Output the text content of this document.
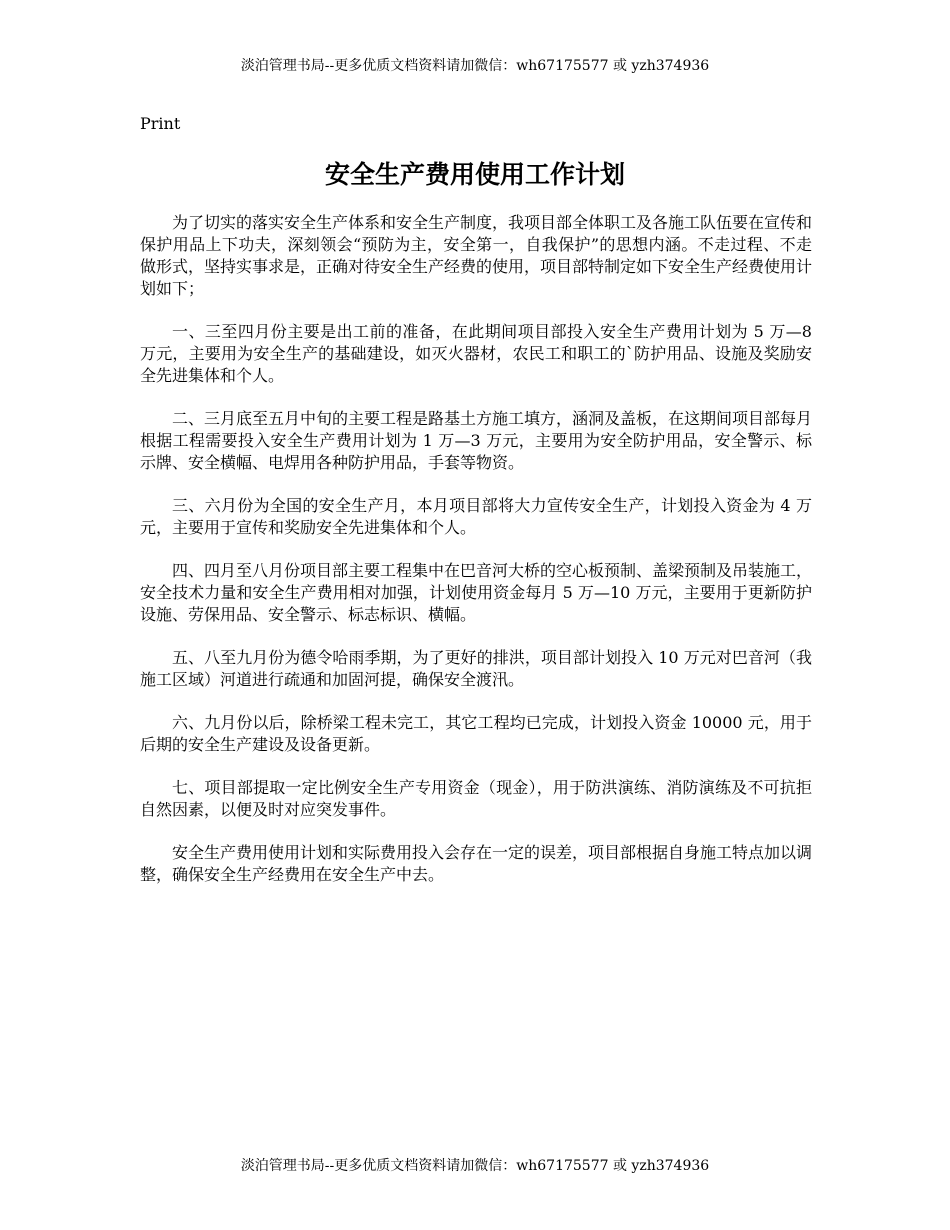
淡泊管理书局--更多优质文档资料请加微信：wh67175577 或 yzh374936
Print
安全生产费用使用工作计划

为了切实的落实安全生产体系和安全生产制度，我项目部全体职工及各施工队伍要在宣传和保护用品上下功夫，深刻领会“预防为主，安全第一，自我保护”的思想内涵。不走过程、不走做形式，坚持实事求是，正确对待安全生产经费的使用，项目部特制定如下安全生产经费使用计划如下；

一、三至四月份主要是出工前的准备，在此期间项目部投入安全生产费用计划为 5 万—8 万元，主要用为安全生产的基础建设，如灭火器材，农民工和职工的`防护用品、设施及奖励安全先进集体和个人。

二、三月底至五月中旬的主要工程是路基土方施工填方，涵洞及盖板，在这期间项目部每月根据工程需要投入安全生产费用计划为 1 万—3 万元，主要用为安全防护用品，安全警示、标示牌、安全横幅、电焊用各种防护用品，手套等物资。

三、六月份为全国的安全生产月，本月项目部将大力宣传安全生产，计划投入资金为 4 万元，主要用于宣传和奖励安全先进集体和个人。

四、四月至八月份项目部主要工程集中在巴音河大桥的空心板预制、盖梁预制及吊装施工，安全技术力量和安全生产费用相对加强，计划使用资金每月 5 万—10 万元，主要用于更新防护设施、劳保用品、安全警示、标志标识、横幅。

五、八至九月份为德令哈雨季期，为了更好的排洪，项目部计划投入 10 万元对巴音河（我施工区域）河道进行疏通和加固河提，确保安全渡汛。

六、九月份以后，除桥梁工程未完工，其它工程均已完成，计划投入资金 10000 元，用于后期的安全生产建设及设备更新。

七、项目部提取一定比例安全生产专用资金（现金），用于防洪演练、消防演练及不可抗拒自然因素，以便及时对应突发事件。

安全生产费用使用计划和实际费用投入会存在一定的误差，项目部根据自身施工特点加以调整，确保安全生产经费用在安全生产中去。

淡泊管理书局--更多优质文档资料请加微信：wh67175577 或 yzh374936
